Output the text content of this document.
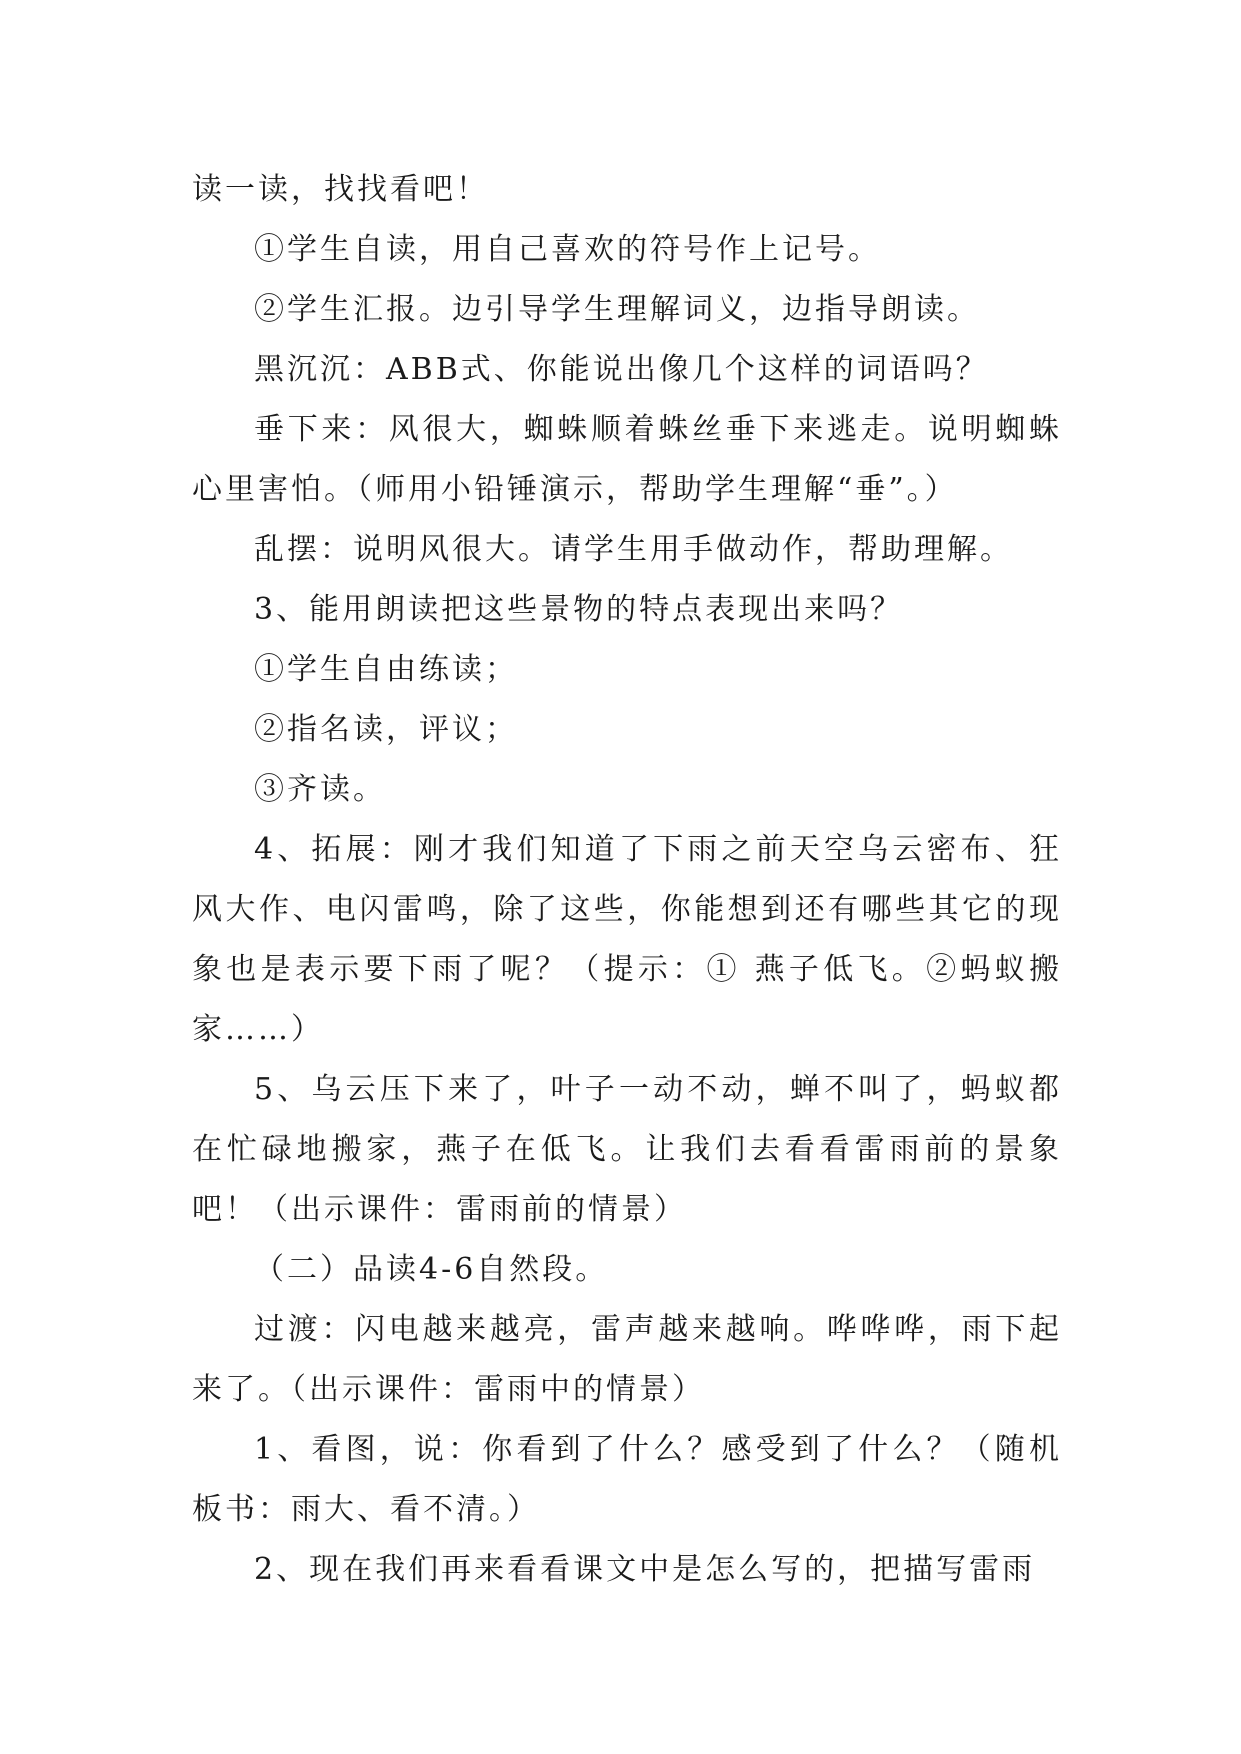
读一读，找找看吧！

①学生自读，用自己喜欢的符号作上记号。

②学生汇报。边引导学生理解词义，边指导朗读。

黑沉沉：ABB式、你能说出像几个这样的词语吗？

垂下来：风很大，蜘蛛顺着蛛丝垂下来逃走。说明蜘蛛心里害怕。（师用小铅锤演示，帮助学生理解“垂”。）

乱摆：说明风很大。请学生用手做动作，帮助理解。

3、能用朗读把这些景物的特点表现出来吗？

①学生自由练读；

②指名读，评议；

③齐读。

4、拓展：刚才我们知道了下雨之前天空乌云密布、狂风大作、电闪雷鸣，除了这些，你能想到还有哪些其它的现象也是表示要下雨了呢？（提示：① 燕子低飞。②蚂蚁搬家……）

5、乌云压下来了，叶子一动不动，蝉不叫了，蚂蚁都在忙碌地搬家，燕子在低飞。让我们去看看雷雨前的景象吧！（出示课件：雷雨前的情景）

（二）品读4-6自然段。

过渡：闪电越来越亮，雷声越来越响。哗哗哗，雨下起来了。（出示课件：雷雨中的情景）

1、看图，说：你看到了什么？感受到了什么？（随机板书：雨大、看不清。）

2、现在我们再来看看课文中是怎么写的，把描写雷雨
